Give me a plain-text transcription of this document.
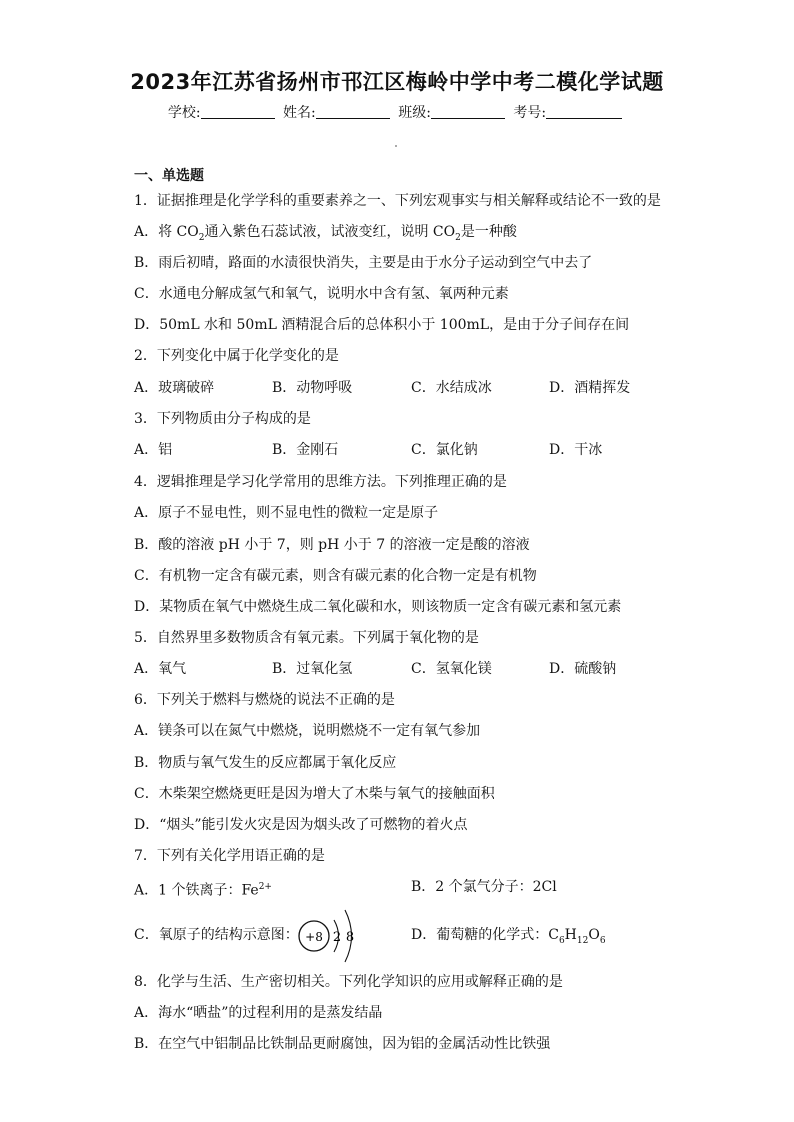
2023年江苏省扬州市邗江区梅岭中学中考二模化学试题
学校:	姓名:	班级:	考号:
一、单选题
1．证据推理是化学学科的重要素养之一、下列宏观事实与相关解释或结论不一致的是
A．将 $CO_2$通入紫色石蕊试液，试液变红，说明 $CO_2$是一种酸
B．雨后初晴，路面的水渍很快消失，主要是由于水分子运动到空气中去了
C．水通电分解成氢气和氧气，说明水中含有氢、氧两种元素
D．50mL 水和 50mL 酒精混合后的总体积小于 100mL，是由于分子间存在间
2．下列变化中属于化学变化的是
A．玻璃破碎	B．动物呼吸	C．水结成冰	D．酒精挥发
3．下列物质由分子构成的是
A．铝	B．金刚石	C．氯化钠	D．干冰
4．逻辑推理是学习化学常用的思维方法。下列推理正确的是
A．原子不显电性，则不显电性的微粒一定是原子
B．酸的溶液 pH 小于 7，则 pH 小于 7 的溶液一定是酸的溶液
C．有机物一定含有碳元素，则含有碳元素的化合物一定是有机物
D．某物质在氧气中燃烧生成二氧化碳和水，则该物质一定含有碳元素和氢元素
5．自然界里多数物质含有氧元素。下列属于氧化物的是
A．氧气	B．过氧化氢	C．氢氧化镁	D．硫酸钠
6．下列关于燃料与燃烧的说法不正确的是
A．镁条可以在氮气中燃烧，说明燃烧不一定有氧气参加
B．物质与氧气发生的反应都属于氧化反应
C．木柴架空燃烧更旺是因为增大了木柴与氧气的接触面积
D．“烟头”能引发火灾是因为烟头改了可燃物的着火点
7．下列有关化学用语正确的是
A．1 个铁离子：$Fe^{2+}$	B．2 个氯气分子：2Cl
C．氧原子的结构示意图： +8 2 8	D．葡萄糖的化学式：$C_6H_{12}O_6$
8．化学与生活、生产密切相关。下列化学知识的应用或解释正确的是
A．海水“晒盐”的过程利用的是蒸发结晶
B．在空气中铝制品比铁制品更耐腐蚀，因为铝的金属活动性比铁强
